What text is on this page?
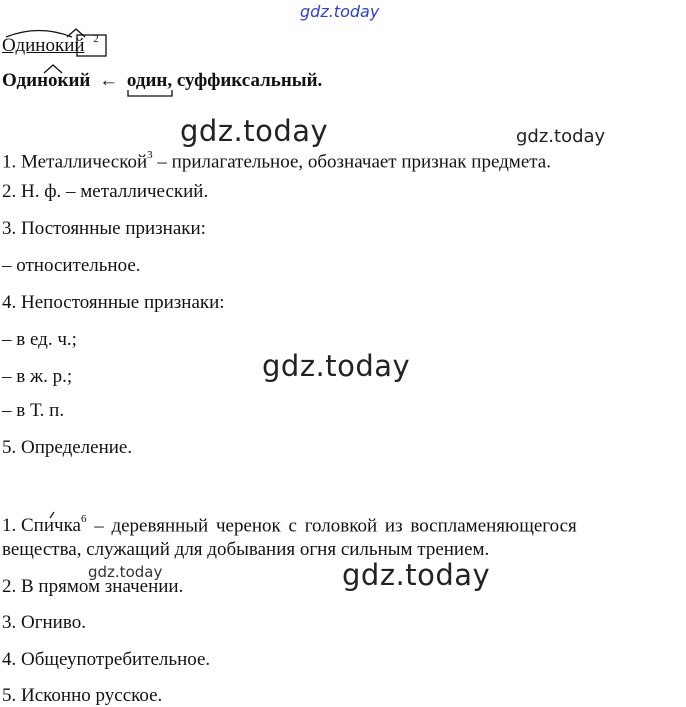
gdz.today
gdz.today	gdz.today
gdz.today
gdz.today
gdz.today
Одинокий $^2$
Одинокий ← один
, суффиксальный.
1. Металлической$^3$ – прилагательное, обозначает признак предмета.
2. Н. ф. – металлический.
3. Постоянные признаки:
– относительное.
4. Непостоянные признаки:
– в ед. ч.;
– в ж. р.;
– в Т. п.
5. Определение.
1. Спичка$^6$ – деревянный черенок с головкой из воспламеняющегося
вещества, служащий для добывания огня сильным трением.
2. В прямом значении.
3. Огниво.
4. Общеупотребительное.
5. Исконно русское.
